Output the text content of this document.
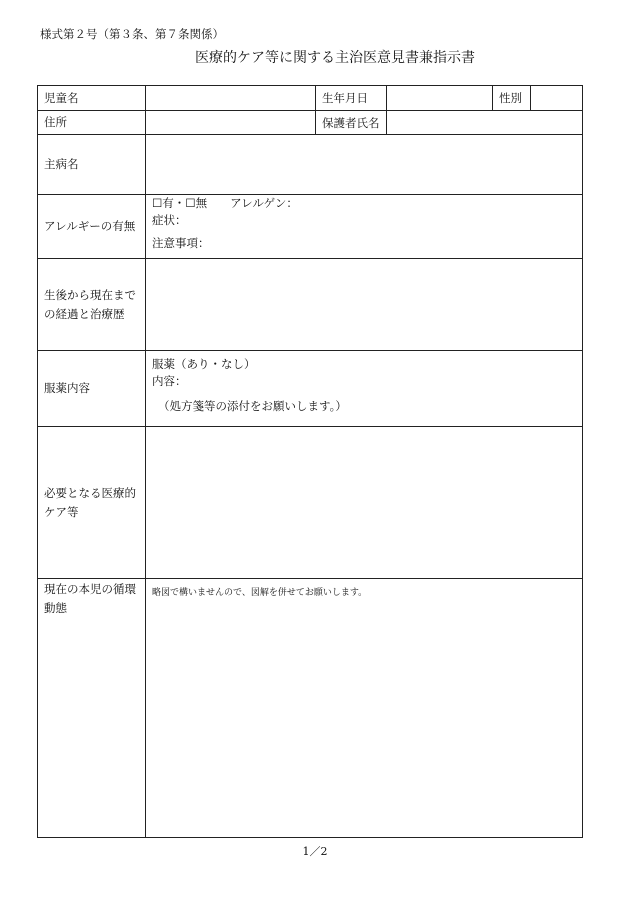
様式第２号（第３条、第７条関係）
医療的ケア等に関する主治医意見書兼指示書
児童名		生年月日		性別	
住所		保護者氏名			
主病名					
アレルギーの有無	☐有・☐無　　アレルゲン：
症状：
注意事項：				

生後から現在までの経過と治療歴					
服薬内容	服薬（あり・なし）
内容：
（処方箋等の添付をお願いします。）				

必要となる医療的ケア等					
現在の本児の循環動態	略図で構いませんので、図解を併せてお願いします。				
1／2
